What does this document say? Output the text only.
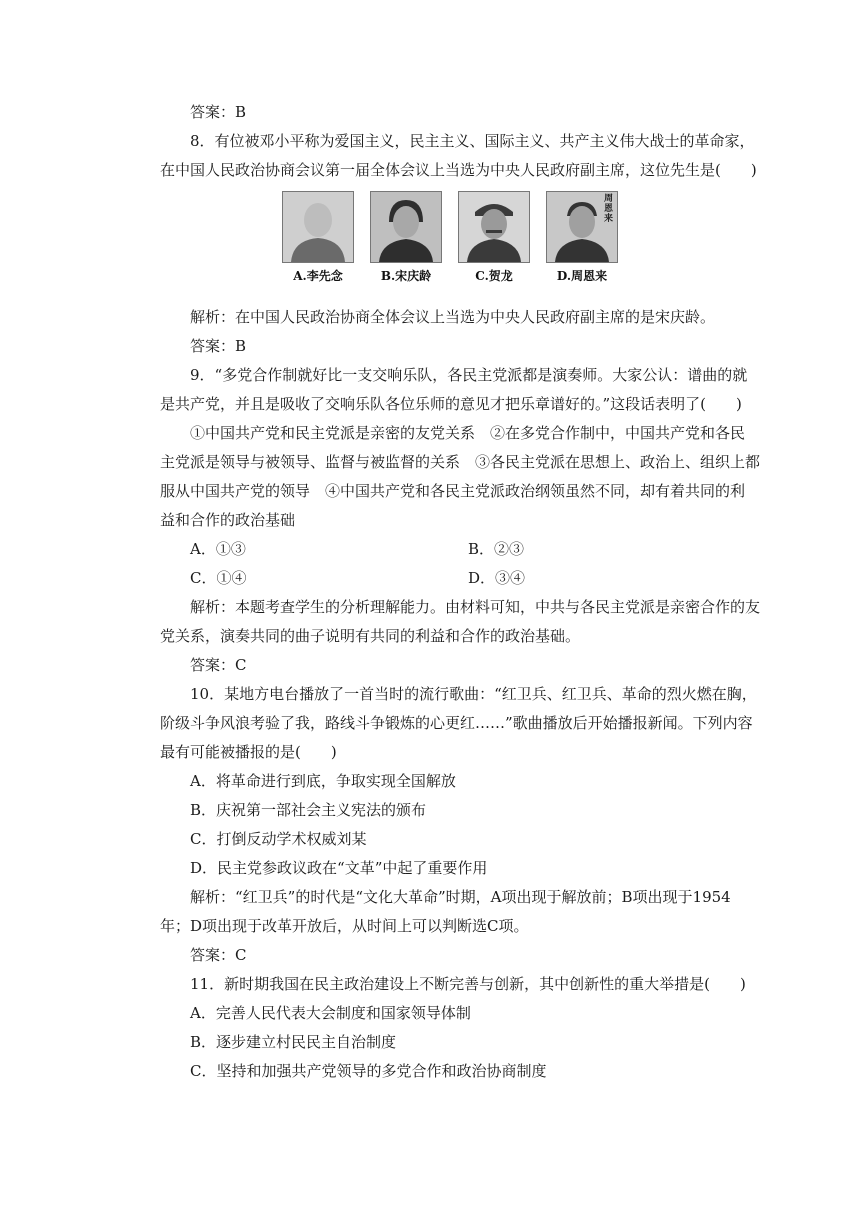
答案：B

8．有位被邓小平称为爱国主义，民主主义、国际主义、共产主义伟大战士的革命家，

在中国人民政治协商会议第一届全体会议上当选为中央人民政府副主席，这位先生是(　　)

A.李先念	B.宋庆龄	C.贺龙
周恩来
D.周恩来

解析：在中国人民政治协商全体会议上当选为中央人民政府副主席的是宋庆龄。

答案：B

9．“多党合作制就好比一支交响乐队，各民主党派都是演奏师。大家公认：谱曲的就

是共产党，并且是吸收了交响乐队各位乐师的意见才把乐章谱好的。”这段话表明了(　　)

①中国共产党和民主党派是亲密的友党关系　②在多党合作制中，中国共产党和各民

主党派是领导与被领导、监督与被监督的关系　③各民主党派在思想上、政治上、组织上都

服从中国共产党的领导　④中国共产党和各民主党派政治纲领虽然不同，却有着共同的利

益和合作的政治基础

A．①③	B．②③
C．①④	D．③④

解析：本题考查学生的分析理解能力。由材料可知，中共与各民主党派是亲密合作的友

党关系，演奏共同的曲子说明有共同的利益和合作的政治基础。

答案：C

10．某地方电台播放了一首当时的流行歌曲：“红卫兵、红卫兵、革命的烈火燃在胸，

阶级斗争风浪考验了我，路线斗争锻炼的心更红……”歌曲播放后开始播报新闻。下列内容

最有可能被播报的是(　　)

A．将革命进行到底，争取实现全国解放

B．庆祝第一部社会主义宪法的颁布

C．打倒反动学术权威刘某

D．民主党参政议政在“文革”中起了重要作用

解析：“红卫兵”的时代是“文化大革命”时期，A项出现于解放前；B项出现于1954

年；D项出现于改革开放后，从时间上可以判断选C项。

答案：C

11．新时期我国在民主政治建设上不断完善与创新，其中创新性的重大举措是(　　)

A．完善人民代表大会制度和国家领导体制

B．逐步建立村民民主自治制度

C．坚持和加强共产党领导的多党合作和政治协商制度
